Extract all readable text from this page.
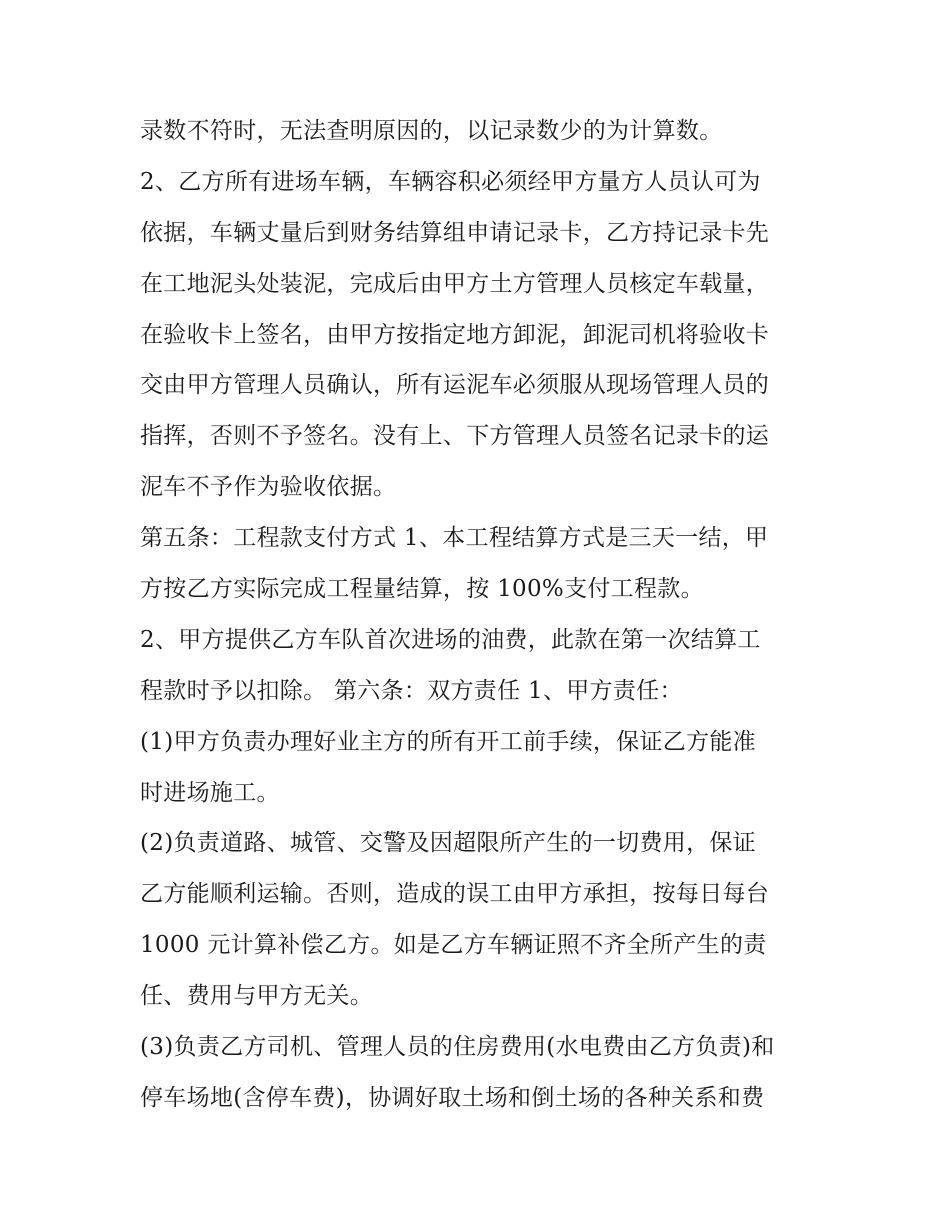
录数不符时，无法查明原因的，以记录数少的为计算数。
2、乙方所有进场车辆，车辆容积必须经甲方量方人员认可为
依据，车辆丈量后到财务结算组申请记录卡，乙方持记录卡先
在工地泥头处装泥，完成后由甲方土方管理人员核定车载量，
在验收卡上签名，由甲方按指定地方卸泥，卸泥司机将验收卡
交由甲方管理人员确认，所有运泥车必须服从现场管理人员的
指挥，否则不予签名。没有上、下方管理人员签名记录卡的运
泥车不予作为验收依据。
第五条：工程款支付方式 1、本工程结算方式是三天一结，甲
方按乙方实际完成工程量结算，按 100%支付工程款。
2、甲方提供乙方车队首次进场的油费，此款在第一次结算工
程款时予以扣除。 第六条：双方责任 1、甲方责任：
(1)甲方负责办理好业主方的所有开工前手续，保证乙方能准
时进场施工。
(2)负责道路、城管、交警及因超限所产生的一切费用，保证
乙方能顺利运输。否则，造成的误工由甲方承担，按每日每台
1000 元计算补偿乙方。如是乙方车辆证照不齐全所产生的责
任、费用与甲方无关。
(3)负责乙方司机、管理人员的住房费用(水电费由乙方负责)和
停车场地(含停车费)，协调好取土场和倒土场的各种关系和费
